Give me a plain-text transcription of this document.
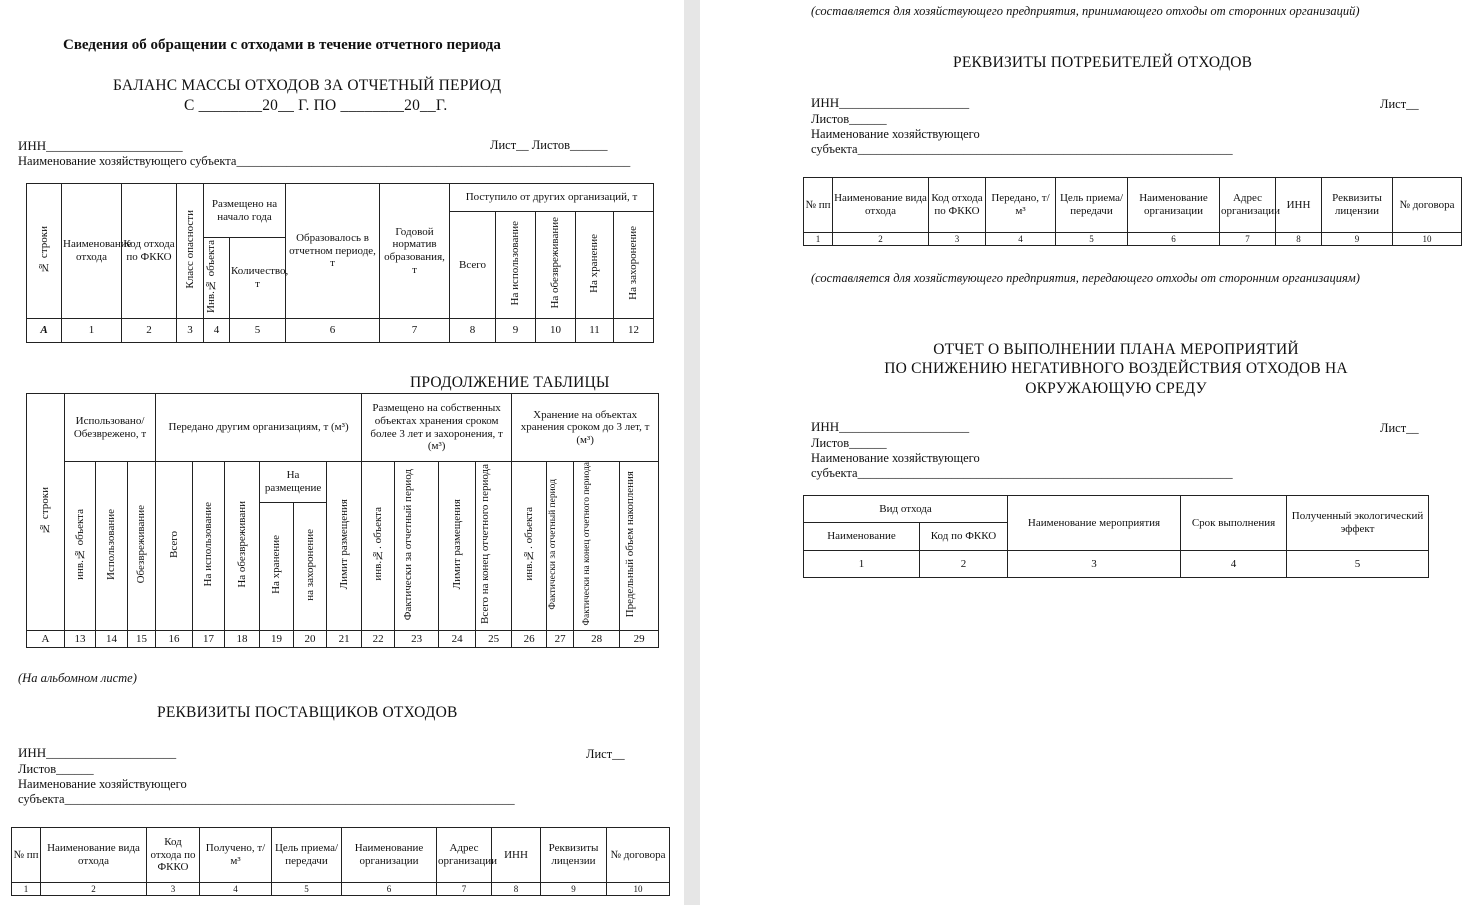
Сведения об обращении с отходами в течение отчетного периода
БАЛАНС МАССЫ ОТХОДОВ ЗА ОТЧЕТНЫЙ ПЕРИОД
С ________20__ Г. ПО ________20__Г.
ИНН_____________________	Лист__ Листов______
Наименование хозяйствующего субъекта_______________________________________________________________
№ строки	Наименование отхода	Код отхода по ФККО	Класс опасности	Размещено на начало года		Образовалось в отчетном периоде, т	Годовой норматив образования, т	Поступило от других организаций, т				
								Всего	На использование	На обезвреживание	На хранение	На захоронение
				Инв.№ объекта	Количество, т							
А	1	2	3	4	5	6	7	8	9	10	11	12
ПРОДОЛЖЕНИЕ ТАБЛИЦЫ
№ строки	Использовано/ Обезврежено, т			Передано другим организациям, т (м³)						Размещено на собственных объектах хранения сроком более 3 лет и захоронения, т (м³)				Хранение на объектах хранения сроком до 3 лет, т (м³)			
	инв.№ объекта	Использование	Обезвреживание	Всего	На использование	На обезвреживани	На размещение		Лимит размещения	инв.№. объекта	Фактически за отчетный период	Лимит размещения	Всего на конец отчетного периода	инв.№. объекта	Фактически за отчетный период	Фактически на конец отчетного периода	Предельный объем накопления
							На хранение	на захоронение									
А	13	14	15	16	17	18	19	20	21	22	23	24	25	26	27	28	29
(На альбомном листе)
РЕКВИЗИТЫ ПОСТАВЩИКОВ ОТХОДОВ
ИНН____________________	Лист__
Листов______
Наименование хозяйствующего
субъекта________________________________________________________________________
№ пп	Наименование вида отхода	Код отхода по ФККО	Получено, т/м³	Цель приема/ передачи	Наименование организации	Адрес организации	ИНН	Реквизиты лицензии	№ договора
1	2	3	4	5	6	7	8	9	10
(составляется для хозяйствующего предприятия, принимающего отходы от сторонних организаций)
РЕКВИЗИТЫ ПОТРЕБИТЕЛЕЙ ОТХОДОВ
ИНН____________________	Лист__
Листов______
Наименование хозяйствующего
субъекта____________________________________________________________
№ пп	Наименование вида отхода	Код отхода по ФККО	Передано, т/м³	Цель приема/ передачи	Наименование организации	Адрес организации	ИНН	Реквизиты лицензии	№ договора
1	2	3	4	5	6	7	8	9	10
(составляется для хозяйствующего предприятия, передающего отходы от сторонним организациям)
ОТЧЕТ О ВЫПОЛНЕНИИ ПЛАНА МЕРОПРИЯТИЙ
ПО СНИЖЕНИЮ НЕГАТИВНОГО ВОЗДЕЙСТВИЯ ОТХОДОВ НА
ОКРУЖАЮЩУЮ СРЕДУ
ИНН____________________	Лист__
Листов______
Наименование хозяйствующего
субъекта____________________________________________________________
Вид отхода		Наименование мероприятия	Срок выполнения	Полученный экологический эффект
Наименование	Код по ФККО			
1	2	3	4	5
